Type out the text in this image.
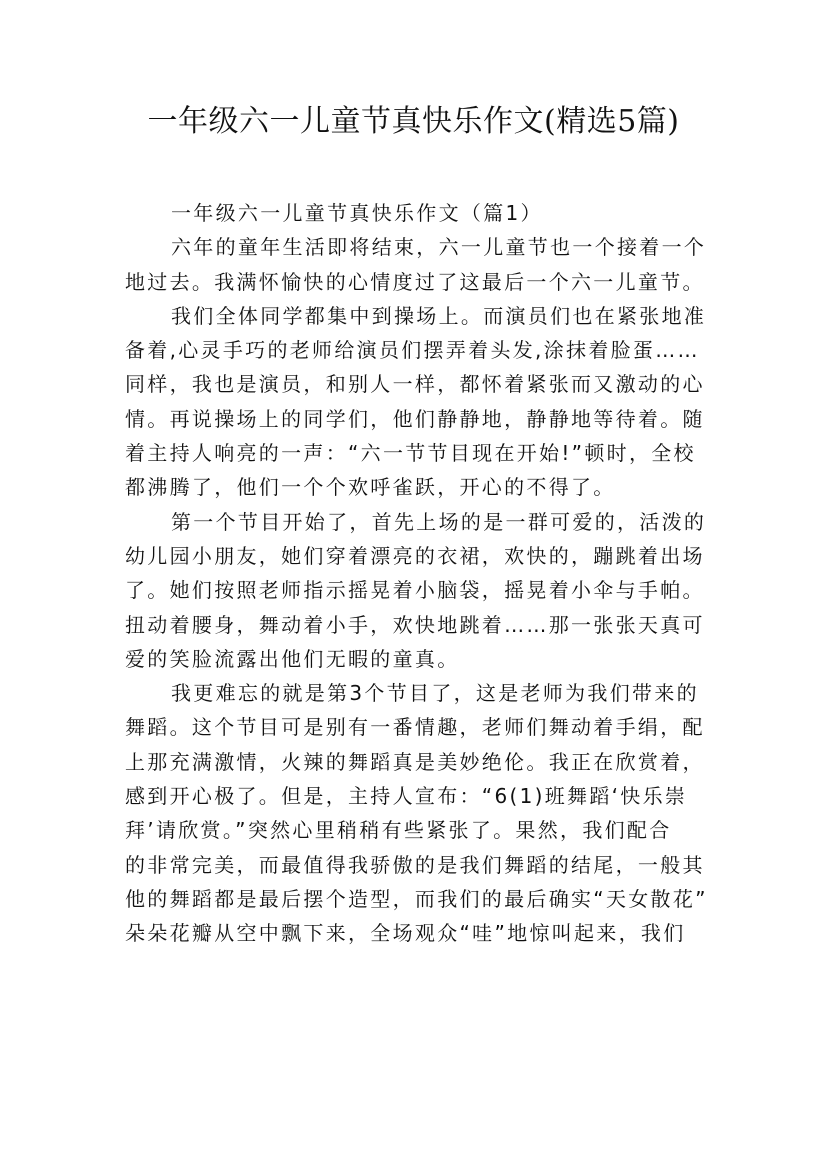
一年级六一儿童节真快乐作文(精选5篇)
一年级六一儿童节真快乐作文（篇1）
六年的童年生活即将结束，六一儿童节也一个接着一个
地过去。我满怀愉快的心情度过了这最后一个六一儿童节。
我们全体同学都集中到操场上。而演员们也在紧张地准
备着,心灵手巧的老师给演员们摆弄着头发,涂抹着脸蛋……
同样，我也是演员，和别人一样，都怀着紧张而又激动的心
情。再说操场上的同学们，他们静静地，静静地等待着。随
着主持人响亮的一声：“六一节节目现在开始!”顿时，全校
都沸腾了，他们一个个欢呼雀跃，开心的不得了。
第一个节目开始了，首先上场的是一群可爱的，活泼的
幼儿园小朋友，她们穿着漂亮的衣裙，欢快的，蹦跳着出场
了。她们按照老师指示摇晃着小脑袋，摇晃着小伞与手帕。
扭动着腰身，舞动着小手，欢快地跳着……那一张张天真可
爱的笑脸流露出他们无暇的童真。
我更难忘的就是第3个节目了，这是老师为我们带来的
舞蹈。这个节目可是别有一番情趣，老师们舞动着手绢，配
上那充满激情，火辣的舞蹈真是美妙绝伦。我正在欣赏着，
感到开心极了。但是，主持人宣布：“6(1)班舞蹈‘快乐崇
拜’请欣赏。”突然心里稍稍有些紧张了。果然，我们配合
的非常完美，而最值得我骄傲的是我们舞蹈的结尾，一般其
他的舞蹈都是最后摆个造型，而我们的最后确实“天女散花”
朵朵花瓣从空中飘下来，全场观众“哇”地惊叫起来，我们
